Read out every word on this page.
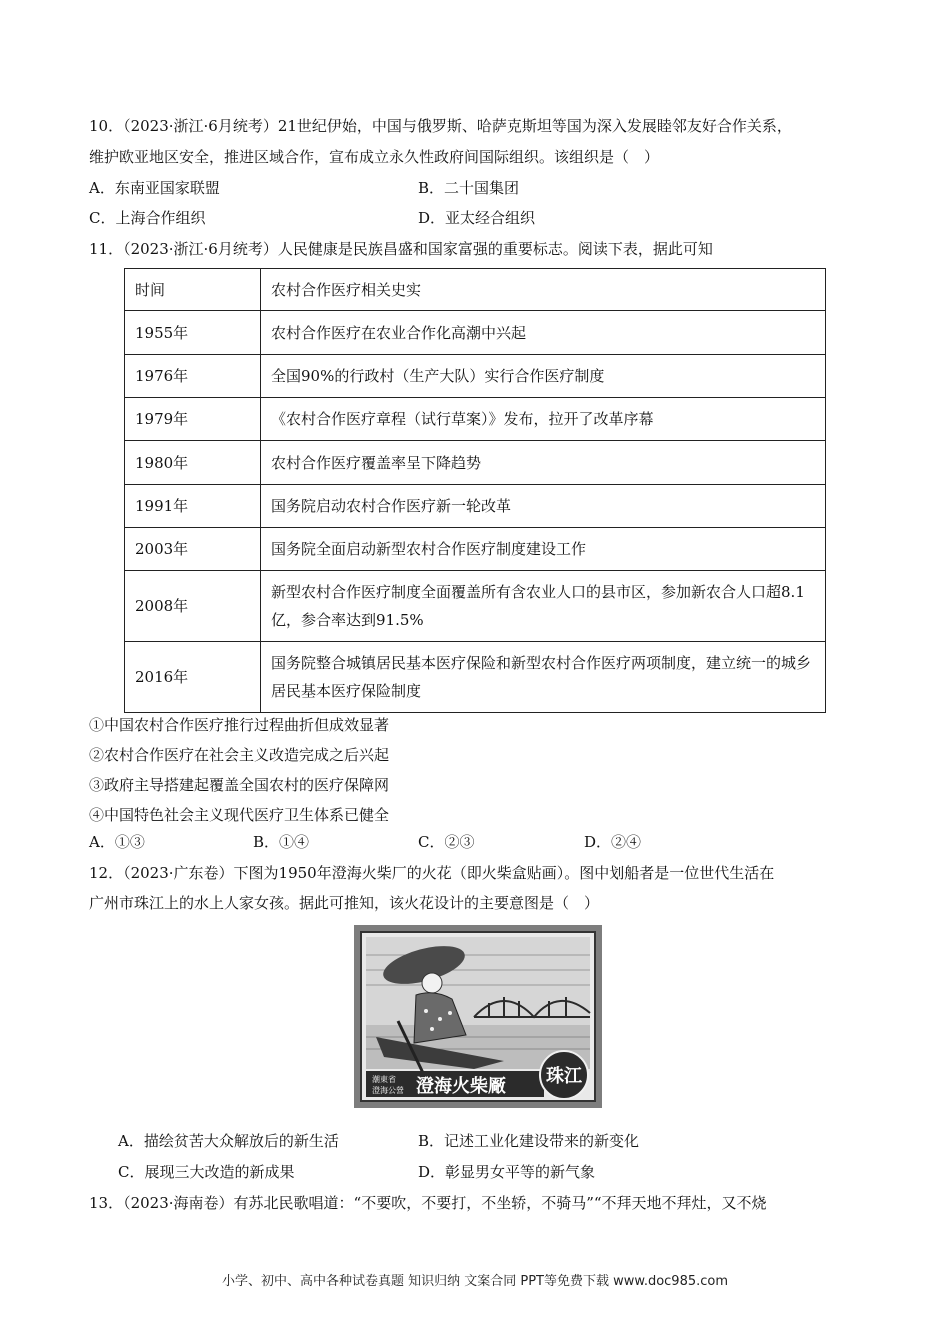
10．（2023·浙江·6月统考）21世纪伊始，中国与俄罗斯、哈萨克斯坦等国为深入发展睦邻友好合作关系，
维护欧亚地区安全，推进区域合作，宣布成立永久性政府间国际组织。该组织是（　）
A．东南亚国家联盟	B．二十国集团
C．上海合作组织	D．亚太经合组织
11．（2023·浙江·6月统考）人民健康是民族昌盛和国家富强的重要标志。阅读下表，据此可知
时间	农村合作医疗相关史实
1955年	农村合作医疗在农业合作化高潮中兴起
1976年	全国90%的行政村（生产大队）实行合作医疗制度
1979年	《农村合作医疗章程（试行草案）》发布，拉开了改革序幕
1980年	农村合作医疗覆盖率呈下降趋势
1991年	国务院启动农村合作医疗新一轮改革
2003年	国务院全面启动新型农村合作医疗制度建设工作
2008年	新型农村合作医疗制度全面覆盖所有含农业人口的县市区，参加新农合人口超8.1亿，参合率达到91.5%
2016年	国务院整合城镇居民基本医疗保险和新型农村合作医疗两项制度，建立统一的城乡居民基本医疗保险制度
①中国农村合作医疗推行过程曲折但成效显著
②农村合作医疗在社会主义改造完成之后兴起
③政府主导搭建起覆盖全国农村的医疗保障网
④中国特色社会主义现代医疗卫生体系已健全
A．①③	B．①④	C．②③	D．②④
12．（2023·广东卷）下图为1950年澄海火柴厂的火花（即火柴盒贴画）。图中划船者是一位世代生活在
广州市珠江上的水上人家女孩。据此可推知，该火花设计的主要意图是（　）
潮東省
澄海公營 澄海火柴厰 珠江
A．描绘贫苦大众解放后的新生活	B．记述工业化建设带来的新变化
C．展现三大改造的新成果	D．彰显男女平等的新气象
13．（2023·海南卷）有苏北民歌唱道：“不要吹，不要打，不坐轿，不骑马”“不拜天地不拜灶，又不烧
小学、初中、高中各种试卷真题 知识归纳 文案合同 PPT等免费下载 www.doc985.com
